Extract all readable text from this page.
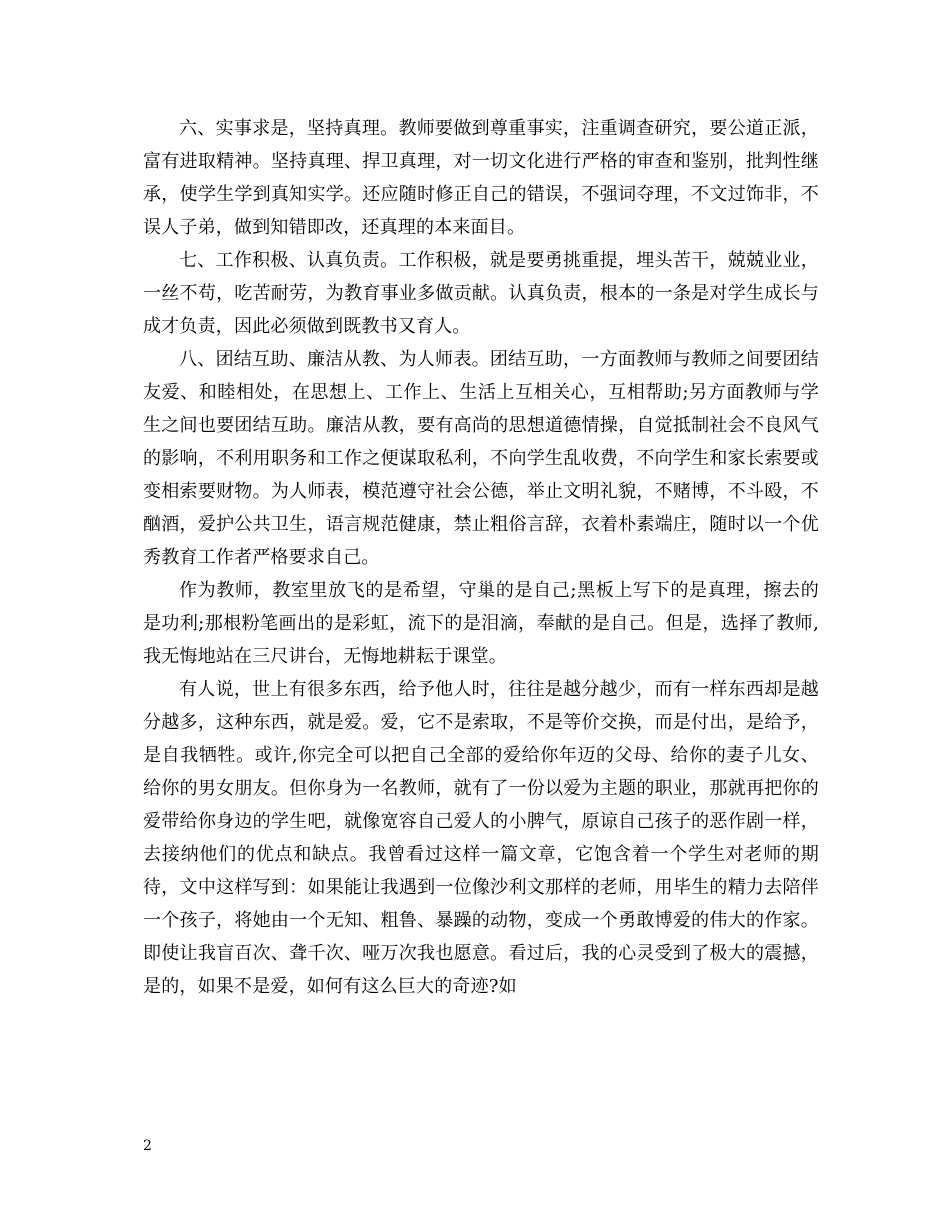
六、实事求是，坚持真理。教师要做到尊重事实，注重调查研究，要公道正派，富有进取精神。坚持真理、捍卫真理，对一切文化进行严格的审查和鉴别，批判性继承，使学生学到真知实学。还应随时修正自己的错误，不强词夺理，不文过饰非，不误人子弟，做到知错即改，还真理的本来面目。

七、工作积极、认真负责。工作积极，就是要勇挑重提，埋头苦干，兢兢业业，一丝不苟，吃苦耐劳，为教育事业多做贡献。认真负责，根本的一条是对学生成长与成才负责，因此必须做到既教书又育人。

八、团结互助、廉洁从教、为人师表。团结互助，一方面教师与教师之间要团结友爱、和睦相处，在思想上、工作上、生活上互相关心，互相帮助;另方面教师与学生之间也要团结互助。廉洁从教，要有高尚的思想道德情操，自觉抵制社会不良风气的影响，不利用职务和工作之便谋取私利，不向学生乱收费，不向学生和家长索要或变相索要财物。为人师表，模范遵守社会公德，举止文明礼貌，不赌博，不斗殴，不酗酒，爱护公共卫生，语言规范健康，禁止粗俗言辞，衣着朴素端庄，随时以一个优秀教育工作者严格要求自己。

作为教师，教室里放飞的是希望，守巢的是自己;黑板上写下的是真理，擦去的是功利;那根粉笔画出的是彩虹，流下的是泪滴，奉献的是自己。但是，选择了教师,我无悔地站在三尺讲台，无悔地耕耘于课堂。

有人说，世上有很多东西，给予他人时，往往是越分越少，而有一样东西却是越分越多，这种东西，就是爱。爱，它不是索取，不是等价交换，而是付出，是给予，是自我牺牲。或许,你完全可以把自己全部的爱给你年迈的父母、给你的妻子儿女、给你的男女朋友。但你身为一名教师，就有了一份以爱为主题的职业，那就再把你的爱带给你身边的学生吧，就像宽容自己爱人的小脾气，原谅自己孩子的恶作剧一样，去接纳他们的优点和缺点。我曾看过这样一篇文章，它饱含着一个学生对老师的期待，文中这样写到：如果能让我遇到一位像沙利文那样的老师，用毕生的精力去陪伴一个孩子，将她由一个无知、粗鲁、暴躁的动物，变成一个勇敢博爱的伟大的作家。即使让我盲百次、聋千次、哑万次我也愿意。看过后，我的心灵受到了极大的震撼，是的，如果不是爱，如何有这么巨大的奇迹?如

2
